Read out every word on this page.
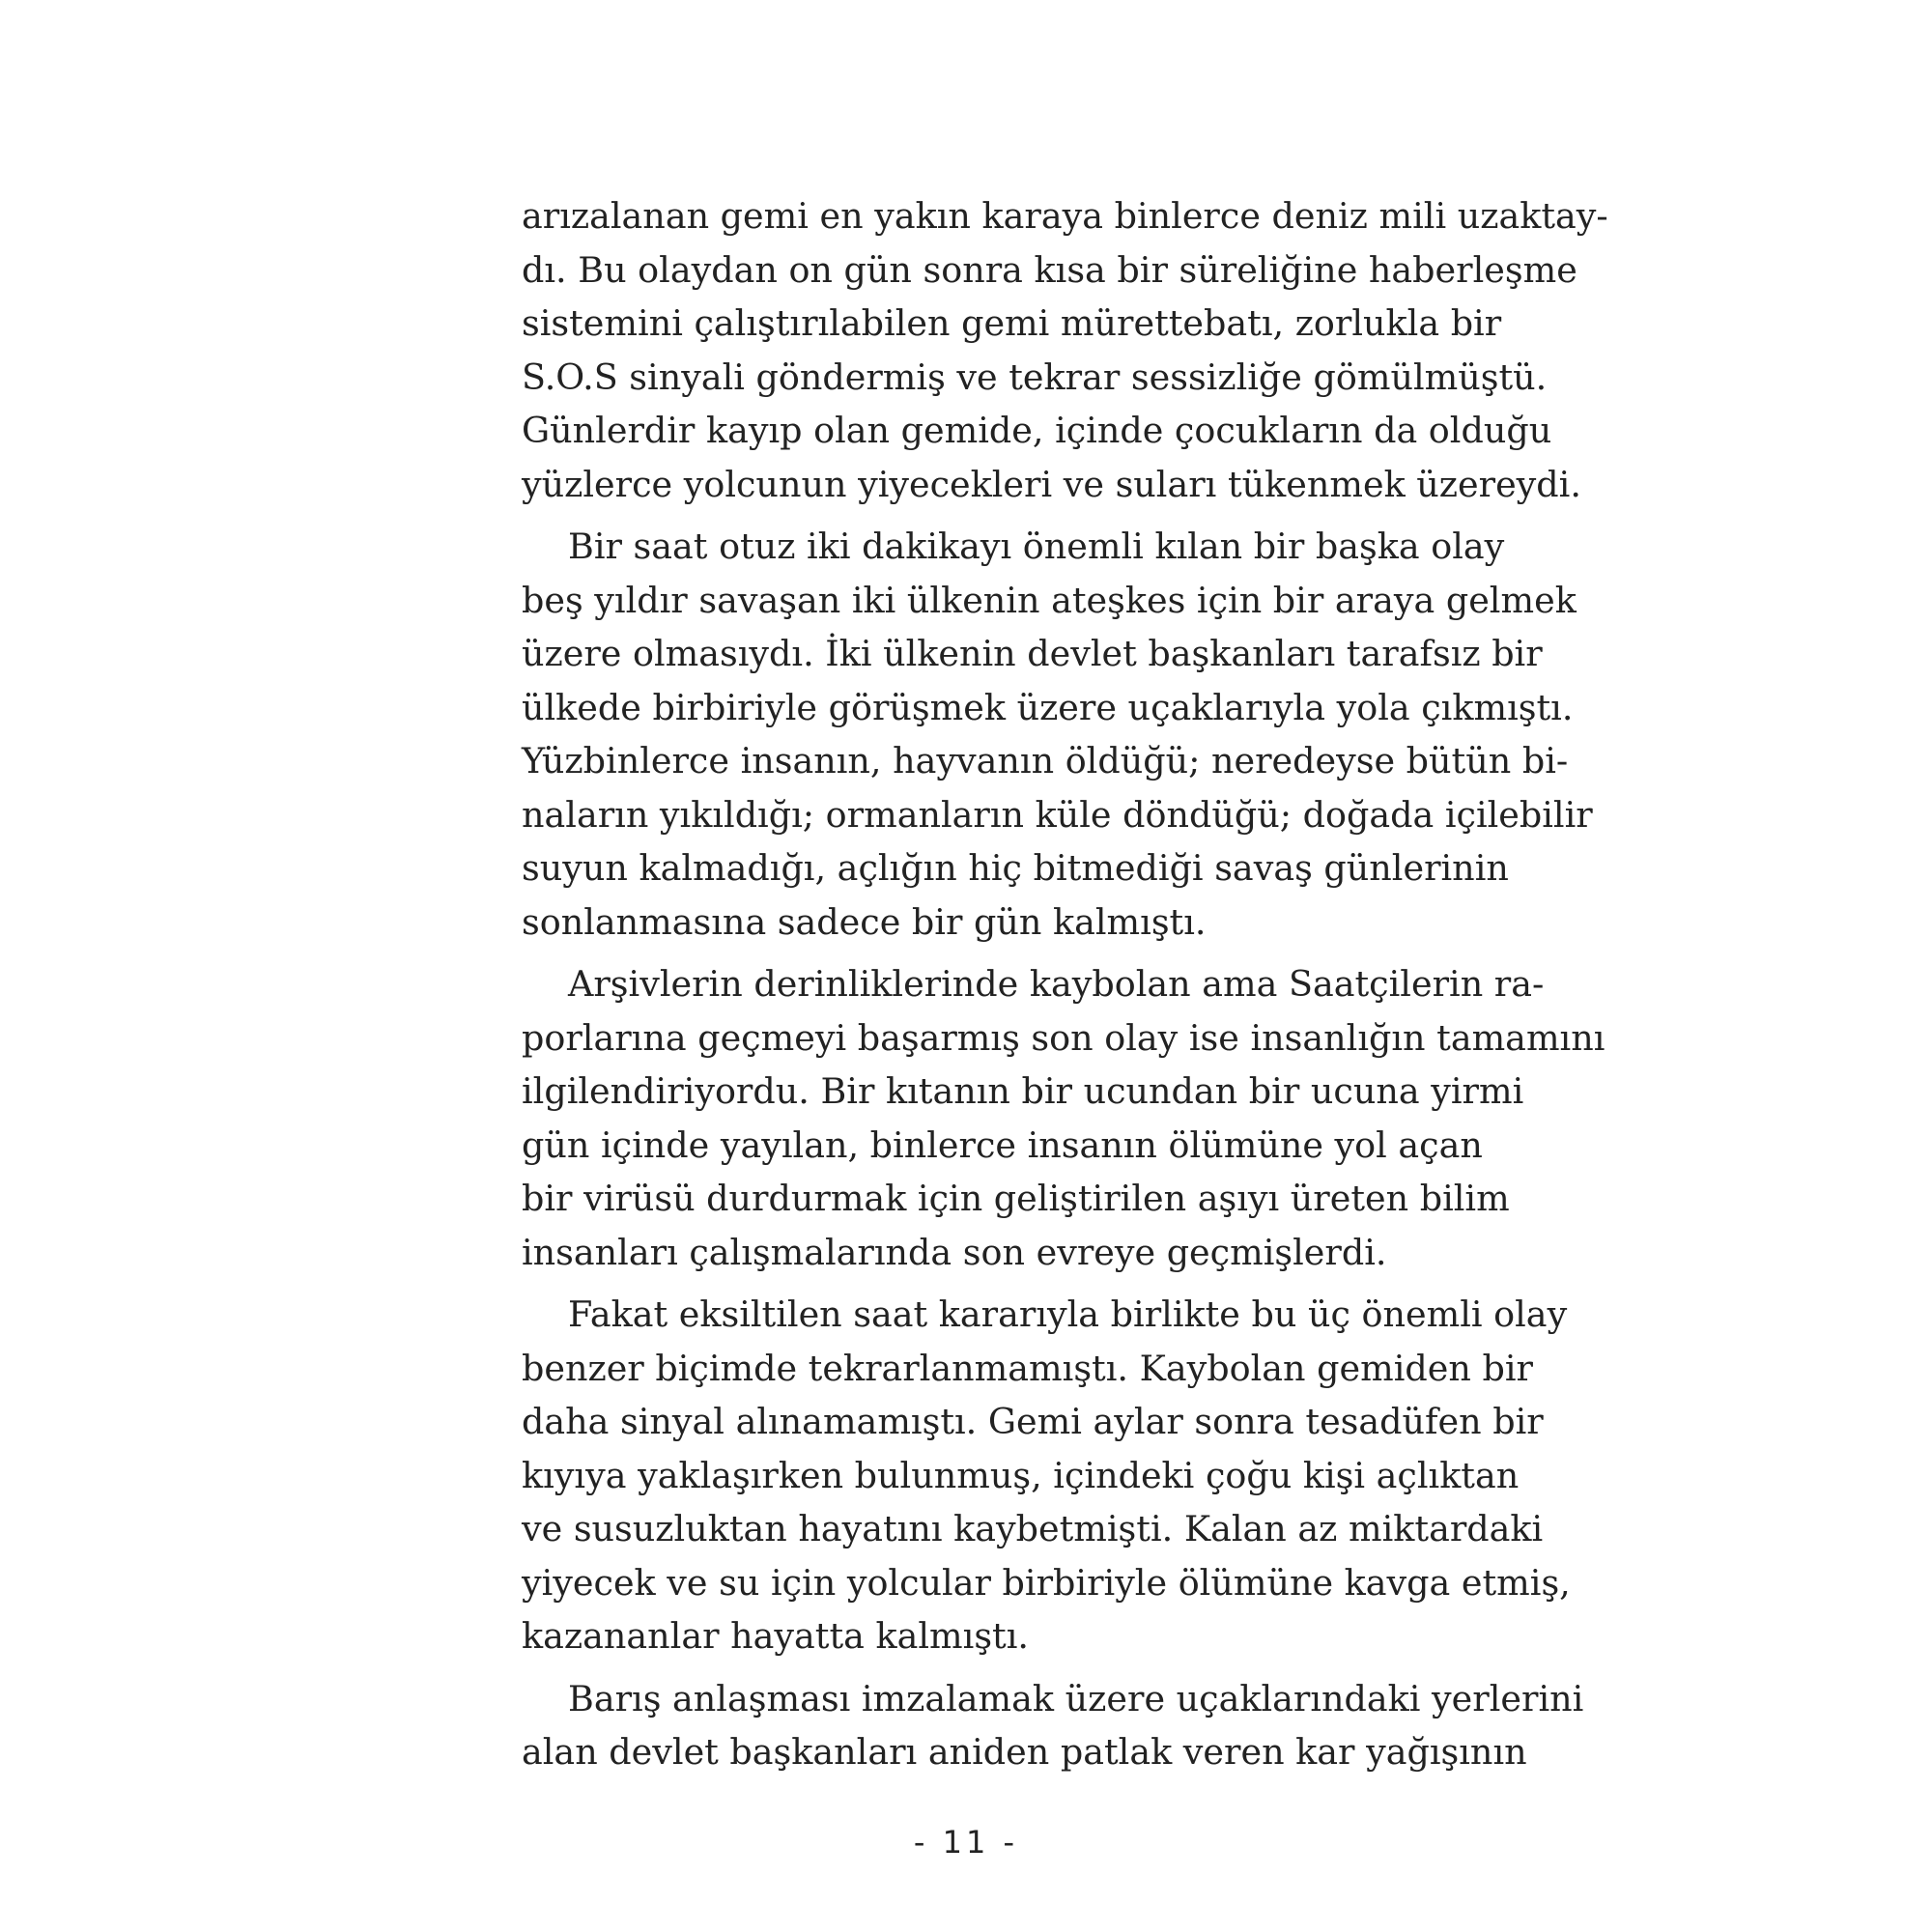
arızalanan gemi en yakın karaya binlerce deniz mili uzaktay-
dı. Bu olaydan on gün sonra kısa bir süreliğine haberleşme
sistemini çalıştırılabilen gemi mürettebatı, zorlukla bir
S.O.S sinyali göndermiş ve tekrar sessizliğe gömülmüştü.
Günlerdir kayıp olan gemide, içinde çocukların da olduğu
yüzlerce yolcunun yiyecekleri ve suları tükenmek üzereydi.

Bir saat otuz iki dakikayı önemli kılan bir başka olay
beş yıldır savaşan iki ülkenin ateşkes için bir araya gelmek
üzere olmasıydı. İki ülkenin devlet başkanları tarafsız bir
ülkede birbiriyle görüşmek üzere uçaklarıyla yola çıkmıştı.
Yüzbinlerce insanın, hayvanın öldüğü; neredeyse bütün bi-
naların yıkıldığı; ormanların küle döndüğü; doğada içilebilir
suyun kalmadığı, açlığın hiç bitmediği savaş günlerinin
sonlanmasına sadece bir gün kalmıştı.

Arşivlerin derinliklerinde kaybolan ama Saatçilerin ra-
porlarına geçmeyi başarmış son olay ise insanlığın tamamını
ilgilendiriyordu. Bir kıtanın bir ucundan bir ucuna yirmi
gün içinde yayılan, binlerce insanın ölümüne yol açan
bir virüsü durdurmak için geliştirilen aşıyı üreten bilim
insanları çalışmalarında son evreye geçmişlerdi.

Fakat eksiltilen saat kararıyla birlikte bu üç önemli olay
benzer biçimde tekrarlanmamıştı. Kaybolan gemiden bir
daha sinyal alınamamıştı. Gemi aylar sonra tesadüfen bir
kıyıya yaklaşırken bulunmuş, içindeki çoğu kişi açlıktan
ve susuzluktan hayatını kaybetmişti. Kalan az miktardaki
yiyecek ve su için yolcular birbiriyle ölümüne kavga etmiş,
kazananlar hayatta kalmıştı.

Barış anlaşması imzalamak üzere uçaklarındaki yerlerini
alan devlet başkanları aniden patlak veren kar yağışının

- 11 -
